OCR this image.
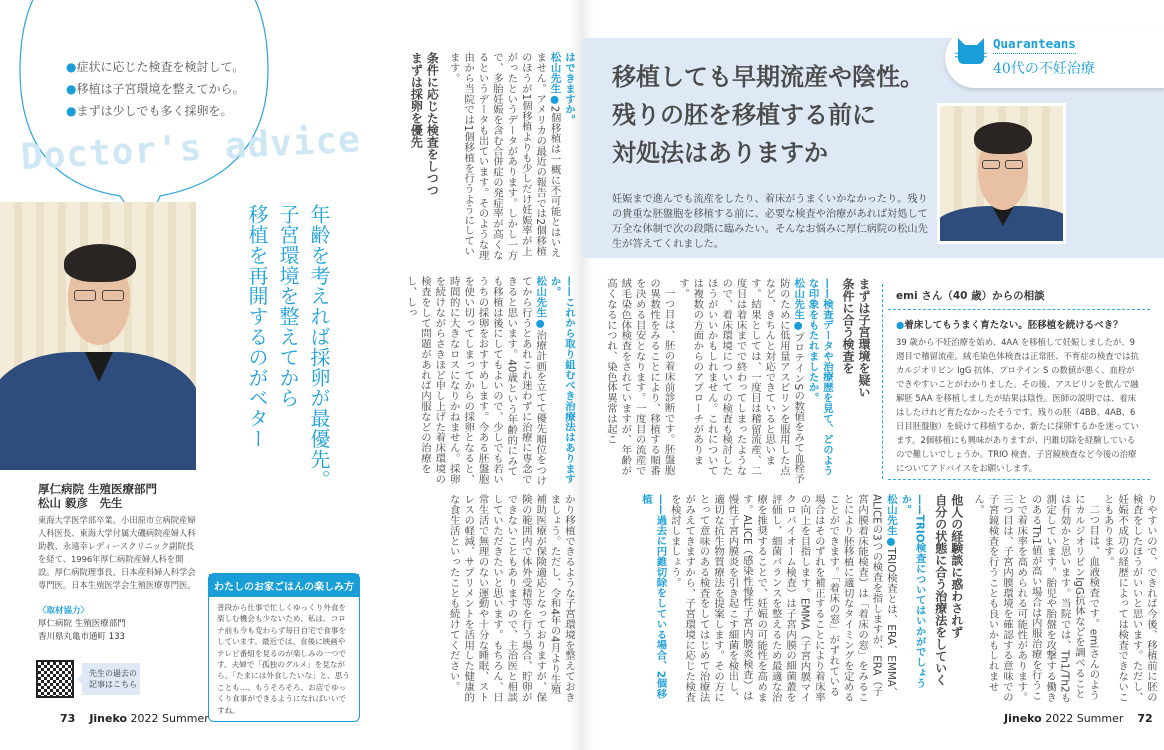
Doctor's advice
●症状に応じた検査を検討して。
●移植は子宮環境を整えてから。
●まずは少しでも多く採卵を。
年齢を考えれば採卵が最優先。
子宮環境を整えてから
移植を再開するのがベター
厚仁病院 生殖医療部門
松山 毅彦　先生
東海大学医学部卒業。小田原市立病院産婦人科医長、東海大学付属大磯病院産婦人科助教、永遠幸レディースクリニック副院長を経て、1996年厚仁病院産婦人科を開設。厚仁病院理事長。日本産科婦人科学会専門医。日本生殖医学会生殖医療専門医。
〈取材協力〉
厚仁病院 生殖医療部門
香川県丸亀市通町 133
先生の過去の記事はこちら
わたしのお家ごはんの楽しみ方
普段から仕事で忙しくゆっくり外食を楽しむ機会も少ないため、私は、コロナ前も今も変わらず毎日自宅で食事をしています。最近では、食後に映画やテレビ番組を見るのが楽しみの一つです。夫婦で「孤独のグルメ」を見ながら、「たまには外食したいな」と、思うことも…。もうそろそろ、お店でゆっくり食事ができるようになればいいですね。

はできますか。

松山先生●2個移植は一概に不可能とはいえません。アメリカの最近の報告では2個移植のほうが1個移植よりも少しだけ妊娠率が上がったというデータがあります。しかし一方で、多胎妊娠を含む合併症の発症率が高くなるというデータも出ています。そのような理由から当院では1個移植を行うようにしています。

条件に応じた検査をしつつ
まずは採卵を優先

——これから取り組むべき治療法はありますか。

松山先生●治療計画を立てて優先順位をつけてから行うとあれこれ迷わずに治療に専念できると思います。40歳という年齢的にみても移植は後にしてもよいので、少しでも若いうちの採卵をおすすめします。今ある胚盤胞を使い切ってしまってからの採卵となると、時間的に大きなロスになりかねません。採卵を続けながらさきほど申し上げた着床環境の検査をして問題があれば内服などの治療をし、しっ

かり移植できるような子宮環境を整えておきましょう。ただし、令和4年の4月より生殖補助医療が保険適応となっておりますが、保険の範囲内で体外受精等を行う場合、貯卵ができないこともありますので、主治医と相談していただきたいと思います。もちろん、日常生活で無理のない運動や十分な睡眠、ストレスの軽減、サプリメントを活用した健康的な食生活といったことも続けてください。

73 Jineko 2022 Summer
Quaranteans
40代の不妊治療
移植しても早期流産や陰性。
残りの胚を移植する前に
対処法はありますか
妊娠まで進んでも流産をしたり、着床がうまくいかなかったり。残りの貴重な胚盤胞を移植する前に、必要な検査や治療があれば対処して万全な体制で次の段階に臨みたい。そんなお悩みに厚仁病院の松山先生が答えてくれました。
emi さん（40 歳）からの相談
●着床してもうまく育たない。胚移植を続けるべき？
39 歳から不妊治療を始め、4AA を移植して妊娠しましたが、9週目で稽留流産。絨毛染色体検査は正常胚、不育症の検査では抗カルジオリピン IgG 抗体、プロテイン S の数値が悪く、血栓ができやすいことがわかりました。その後、アスピリンを飲んで融解胚 5AA を移植しましたが結果は陰性。医師の説明では、着床はしたけれど育たなかったそうです。残りの胚（4BB、4AB、6日目胚盤胞）を続けて移植するか、新たに採卵するかを迷っています。2個移植にも興味がありますが、円錐切除を経験しているので難しいでしょうか。TRIO 検査、子宮鏡検査など今後の治療についてアドバイスをお願いします。
まずは子宮環境を疑い
条件に合う検査を

——検査データや治療歴を見て、どのような印象をもたれましたか。

松山先生●プロテインSの数値をみて血栓予防のために低用量アスピリンを服用した点など、きちんと対応できていると思います。結果としては、一度目は稽留流産、二度目は着床までで終わってしまったようなので、着床環境についての検査も検討したほうがいいかもしれません。これについては複数の方面からのアプローチがあります。

一つ目は、胚の着床前診断です。胚盤胞の異数性をみることにより、移植する順番を決める目安となります。一度目の流産で絨毛染色体検査をされていますが、年齢が高くなるにつれ、染色体異常は起こ

りやすいので、できれば今後、移植前に胚の検査をしたほうがいいと思います。ただし、妊娠不成功の経歴によっては検査できないこともあります。

二つ目は、血液検査です。emiさんのようにカルジオリピンIgG抗体などを調べることは有効かと思います。当院では、Th1/Th2も測定しています。胎児や胎盤を攻撃する働きのあるTh1値が高い場合は内服治療を行うことで着床率を高められる可能性があります。三つ目は、子宮内膜環境を確認する意味での子宮鏡検査を行うことも良いかもしれません。

他人の経験談に惑わされず
自分の状態に合う治療法をしていく

——TRIO検査についてはいかがでしょうか。

松山先生●TRIO検査とは、ERA、EMMA、ALICEの3つの検査を指しますが、ERA（子宮内膜着床能検査）は「着床の窓」をみることにより胚移植に適切なタイミングを定めることができます。「着床の窓」がずれている場合はそのずれを補正することにより着床率の向上を目指します。EMMA（子宮内膜マイクロバイオーム検査）は子宮内膜の細菌叢を評価し、細菌バランスを整えるため最適な治療を推奨することで、妊娠の可能性を高めます。ALICE（感染性慢性子宮内膜炎検査）は慢性子宮内膜炎を引き起こす細菌を検出し、適切な抗生物質療法を提案します。その方にとって意味のある検査をしてはじめて治療法がみえてきますから、子宮環境に応じた検査を検討しましょう。

——過去に円錐切除をしている場合、2個移植

Jineko 2022 Summer 72
